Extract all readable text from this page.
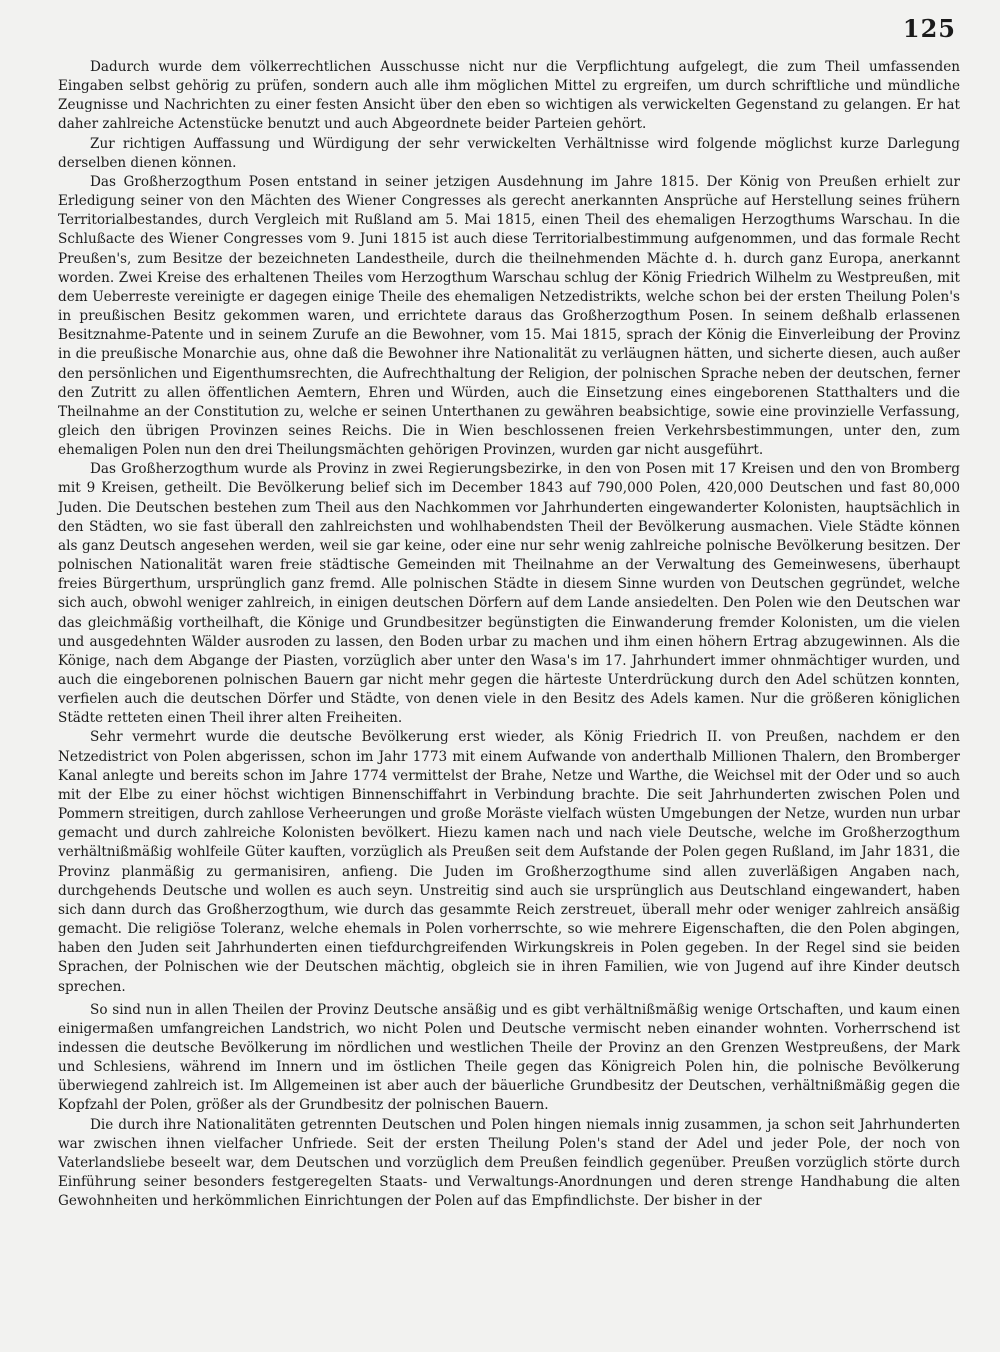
125

Dadurch wurde dem völkerrechtlichen Ausschusse nicht nur die Verpflichtung aufgelegt, die zum Theil umfassenden Eingaben selbst gehörig zu prüfen, sondern auch alle ihm möglichen Mittel zu ergreifen, um durch schriftliche und mündliche Zeugnisse und Nachrichten zu einer festen Ansicht über den eben so wichtigen als verwickelten Gegenstand zu gelangen. Er hat daher zahlreiche Actenstücke benutzt und auch Abgeordnete beider Parteien gehört.

Zur richtigen Auffassung und Würdigung der sehr verwickelten Verhältnisse wird folgende möglichst kurze Darlegung derselben dienen können.

Das Großherzogthum Posen entstand in seiner jetzigen Ausdehnung im Jahre 1815. Der König von Preußen erhielt zur Erledigung seiner von den Mächten des Wiener Congresses als gerecht anerkannten Ansprüche auf Herstellung seines frühern Territorialbestandes, durch Vergleich mit Rußland am 5. Mai 1815, einen Theil des ehemaligen Herzogthums Warschau. In die Schlußacte des Wiener Congresses vom 9. Juni 1815 ist auch diese Territorialbestimmung aufgenommen, und das formale Recht Preußen's, zum Besitze der bezeichneten Landestheile, durch die theilnehmenden Mächte d. h. durch ganz Europa, anerkannt worden. Zwei Kreise des erhaltenen Theiles vom Herzogthum Warschau schlug der König Friedrich Wilhelm zu Westpreußen, mit dem Ueberreste vereinigte er dagegen einige Theile des ehemaligen Netzedistrikts, welche schon bei der ersten Theilung Polen's in preußischen Besitz gekommen waren, und errichtete daraus das Großherzogthum Posen. In seinem deßhalb erlassenen Besitznahme-Patente und in seinem Zurufe an die Bewohner, vom 15. Mai 1815, sprach der König die Einverleibung der Provinz in die preußische Monarchie aus, ohne daß die Bewohner ihre Nationalität zu verläugnen hätten, und sicherte diesen, auch außer den persönlichen und Eigenthumsrechten, die Aufrechthaltung der Religion, der polnischen Sprache neben der deutschen, ferner den Zutritt zu allen öffentlichen Aemtern, Ehren und Würden, auch die Einsetzung eines eingeborenen Statthalters und die Theilnahme an der Constitution zu, welche er seinen Unterthanen zu gewähren beabsichtige, sowie eine provinzielle Verfassung, gleich den übrigen Provinzen seines Reichs. Die in Wien beschlossenen freien Verkehrsbestimmungen, unter den, zum ehemaligen Polen nun den drei Theilungsmächten gehörigen Provinzen, wurden gar nicht ausgeführt.

Das Großherzogthum wurde als Provinz in zwei Regierungsbezirke, in den von Posen mit 17 Kreisen und den von Bromberg mit 9 Kreisen, getheilt. Die Bevölkerung belief sich im December 1843 auf 790,000 Polen, 420,000 Deutschen und fast 80,000 Juden. Die Deutschen bestehen zum Theil aus den Nachkommen vor Jahrhunderten eingewanderter Kolonisten, hauptsächlich in den Städten, wo sie fast überall den zahlreichsten und wohlhabendsten Theil der Bevölkerung ausmachen. Viele Städte können als ganz Deutsch angesehen werden, weil sie gar keine, oder eine nur sehr wenig zahlreiche polnische Bevölkerung besitzen. Der polnischen Nationalität waren freie städtische Gemeinden mit Theilnahme an der Verwaltung des Gemeinwesens, überhaupt freies Bürgerthum, ursprünglich ganz fremd. Alle polnischen Städte in diesem Sinne wurden von Deutschen gegründet, welche sich auch, obwohl weniger zahlreich, in einigen deutschen Dörfern auf dem Lande ansiedelten. Den Polen wie den Deutschen war das gleichmäßig vortheilhaft, die Könige und Grundbesitzer begünstigten die Einwanderung fremder Kolonisten, um die vielen und ausgedehnten Wälder ausroden zu lassen, den Boden urbar zu machen und ihm einen höhern Ertrag abzugewinnen. Als die Könige, nach dem Abgange der Piasten, vorzüglich aber unter den Wasa's im 17. Jahrhundert immer ohnmächtiger wurden, und auch die eingeborenen polnischen Bauern gar nicht mehr gegen die härteste Unterdrückung durch den Adel schützen konnten, verfielen auch die deutschen Dörfer und Städte, von denen viele in den Besitz des Adels kamen. Nur die größeren königlichen Städte retteten einen Theil ihrer alten Freiheiten.

Sehr vermehrt wurde die deutsche Bevölkerung erst wieder, als König Friedrich II. von Preußen, nachdem er den Netzedistrict von Polen abgerissen, schon im Jahr 1773 mit einem Aufwande von anderthalb Millionen Thalern, den Bromberger Kanal anlegte und bereits schon im Jahre 1774 vermittelst der Brahe, Netze und Warthe, die Weichsel mit der Oder und so auch mit der Elbe zu einer höchst wichtigen Binnenschiffahrt in Verbindung brachte. Die seit Jahrhunderten zwischen Polen und Pommern streitigen, durch zahllose Verheerungen und große Moräste vielfach wüsten Umgebungen der Netze, wurden nun urbar gemacht und durch zahlreiche Kolonisten bevölkert. Hiezu kamen nach und nach viele Deutsche, welche im Großherzogthum verhältnißmäßig wohlfeile Güter kauften, vorzüglich als Preußen seit dem Aufstande der Polen gegen Rußland, im Jahr 1831, die Provinz planmäßig zu germanisiren, anfieng. Die Juden im Großherzogthume sind allen zuverläßigen Angaben nach, durchgehends Deutsche und wollen es auch seyn. Unstreitig sind auch sie ursprünglich aus Deutschland eingewandert, haben sich dann durch das Großherzogthum, wie durch das gesammte Reich zerstreuet, überall mehr oder weniger zahlreich ansäßig gemacht. Die religiöse Toleranz, welche ehemals in Polen vorherrschte, so wie mehrere Eigenschaften, die den Polen abgingen, haben den Juden seit Jahrhunderten einen tiefdurchgreifenden Wirkungskreis in Polen gegeben. In der Regel sind sie beiden Sprachen, der Polnischen wie der Deutschen mächtig, obgleich sie in ihren Familien, wie von Jugend auf ihre Kinder deutsch sprechen.

So sind nun in allen Theilen der Provinz Deutsche ansäßig und es gibt verhältnißmäßig wenige Ortschaften, und kaum einen einigermaßen umfangreichen Landstrich, wo nicht Polen und Deutsche vermischt neben einander wohnten. Vorherrschend ist indessen die deutsche Bevölkerung im nördlichen und westlichen Theile der Provinz an den Grenzen Westpreußens, der Mark und Schlesiens, während im Innern und im östlichen Theile gegen das Königreich Polen hin, die polnische Bevölkerung überwiegend zahlreich ist. Im Allgemeinen ist aber auch der bäuerliche Grundbesitz der Deutschen, verhältnißmäßig gegen die Kopfzahl der Polen, größer als der Grundbesitz der polnischen Bauern.

Die durch ihre Nationalitäten getrennten Deutschen und Polen hingen niemals innig zusammen, ja schon seit Jahrhunderten war zwischen ihnen vielfacher Unfriede. Seit der ersten Theilung Polen's stand der Adel und jeder Pole, der noch von Vaterlandsliebe beseelt war, dem Deutschen und vorzüglich dem Preußen feindlich gegenüber. Preußen vorzüglich störte durch Einführung seiner besonders festgeregelten Staats- und Verwaltungs-Anordnungen und deren strenge Handhabung die alten Gewohnheiten und herkömmlichen Einrichtungen der Polen auf das Empfindlichste. Der bisher in der
